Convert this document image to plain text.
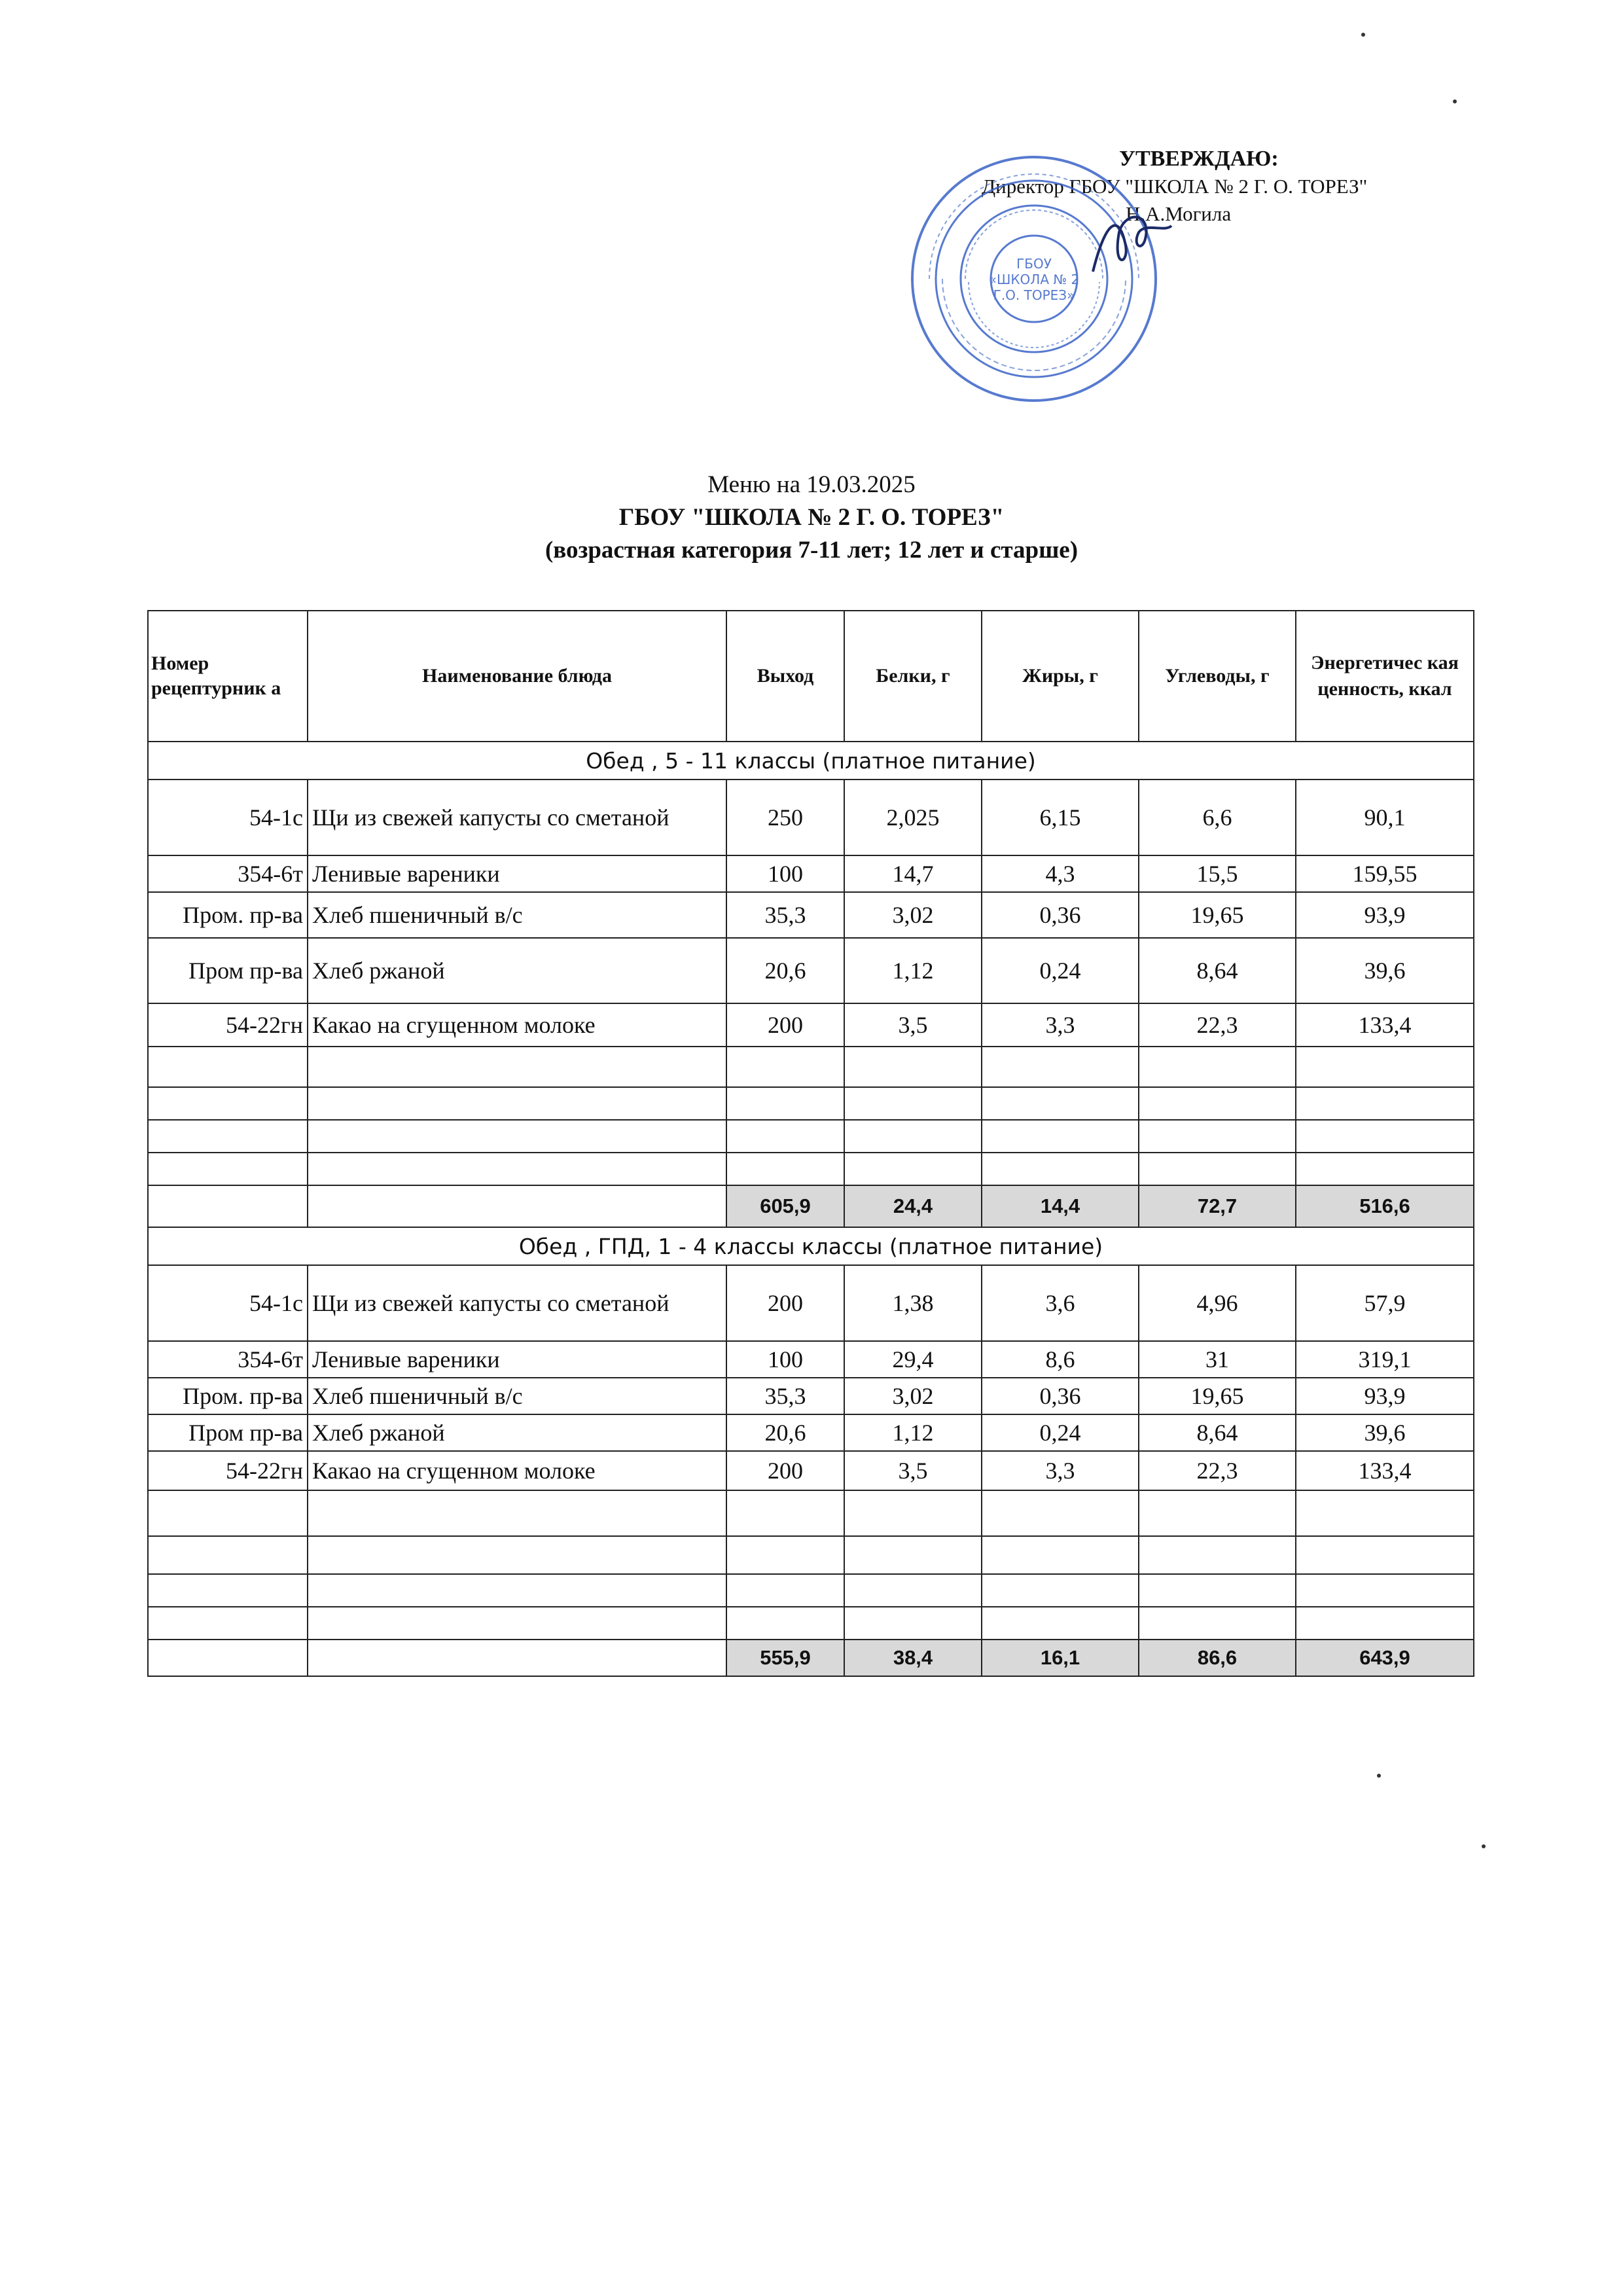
УТВЕРЖДАЮ:
Директор ГБОУ "ШКОЛА № 2 Г. О. ТОРЕЗ"
Н.А.Могила
ГБОУ
«ШКОЛА № 2
Г.О. ТОРЕЗ»
Меню на 19.03.2025
ГБОУ "ШКОЛА № 2 Г. О. ТОРЕЗ"
(возрастная категория 7-11 лет; 12 лет и старше)
Номер рецептурник а	Наименование блюда	Выход	Белки, г	Жиры, г	Углеводы, г	Энергетичес кая ценность, ккал
Обед , 5 - 11 классы (платное питание)						
54-1с	Щи из свежей капусты со сметаной	250	2,025	6,15	6,6	90,1
354-6т	Ленивые вареники	100	14,7	4,3	15,5	159,55
Пром. пр-ва	Хлеб пшеничный в/с	35,3	3,02	0,36	19,65	93,9
Пром пр-ва	Хлеб ржаной	20,6	1,12	0,24	8,64	39,6
54-22гн	Какао на сгущенном молоке	200	3,5	3,3	22,3	133,4

		605,9	24,4	14,4	72,7	516,6
Обед , ГПД, 1 - 4 классы классы (платное питание)						
54-1с	Щи из свежей капусты со сметаной	200	1,38	3,6	4,96	57,9
354-6т	Ленивые вареники	100	29,4	8,6	31	319,1
Пром. пр-ва	Хлеб пшеничный в/с	35,3	3,02	0,36	19,65	93,9
Пром пр-ва	Хлеб ржаной	20,6	1,12	0,24	8,64	39,6
54-22гн	Какао на сгущенном молоке	200	3,5	3,3	22,3	133,4

		555,9	38,4	16,1	86,6	643,9
